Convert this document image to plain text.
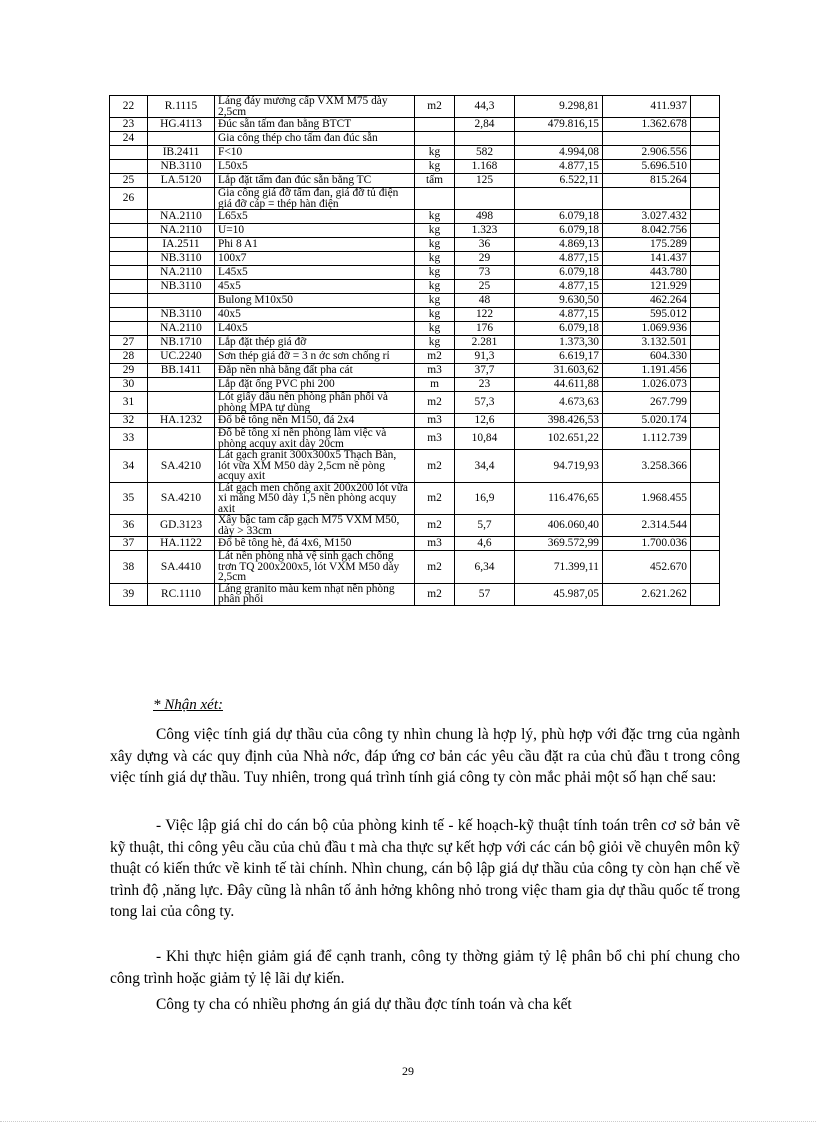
22	R.1115	Láng đáy mương cấp VXM M75 dày 2,5cm	m2	44,3	9.298,81	411.937	
23	HG.4113	Đúc sẵn tấm đan bằng BTCT		2,84	479.816,15	1.362.678	
24		Gia công thép cho tấm đan đúc sẵn					
	IB.2411	F<10	kg	582	4.994,08	2.906.556	
	NB.3110	L50x5	kg	1.168	4.877,15	5.696.510	
25	LA.5120	Lắp đặt tấm đan đúc sẵn bằng TC	tấm	125	6.522,11	815.264	
26		Gia công giá đỡ tấm đan, giá đỡ tủ điện giá đỡ cáp = thép hàn điện					
	NA.2110	L65x5	kg	498	6.079,18	3.027.432	
	NA.2110	U=10	kg	1.323	6.079,18	8.042.756	
	IA.2511	Phi 8 A1	kg	36	4.869,13	175.289	
	NB.3110	100x7	kg	29	4.877,15	141.437	
	NA.2110	L45x5	kg	73	6.079,18	443.780	
	NB.3110	45x5	kg	25	4.877,15	121.929	
		Bulong M10x50	kg	48	9.630,50	462.264	
	NB.3110	40x5	kg	122	4.877,15	595.012	
	NA.2110	L40x5	kg	176	6.079,18	1.069.936	
27	NB.1710	Lắp đặt thép giá đỡ	kg	2.281	1.373,30	3.132.501	
28	UC.2240	Sơn thép giá đỡ = 3 n ớc sơn chống rỉ	m2	91,3	6.619,17	604.330	
29	BB.1411	Đắp nền nhà bằng đất pha cát	m3	37,7	31.603,62	1.191.456	
30		Lắp đặt ống PVC phi 200	m	23	44.611,88	1.026.073	
31		Lót giấy dầu nền phòng phân phối và phòng MPA tự dùng	m2	57,3	4.673,63	267.799	
32	HA.1232	Đổ bê tông nền M150, đá 2x4	m3	12,6	398.426,53	5.020.174	
33		Đổ bê tông xỉ nền phòng làm việc và phòng acquy axit dày 20cm	m3	10,84	102.651,22	1.112.739	
34	SA.4210	Lát gạch granit 300x300x5 Thạch Bàn, lót vữa XM M50 dày 2,5cm nề pòng acquy axit	m2	34,4	94.719,93	3.258.366	
35	SA.4210	Lát gạch men chống axit 200x200 lót vữa xi măng M50 dày 1,5 nền phòng acquy axit	m2	16,9	116.476,65	1.968.455	
36	GD.3123	Xây bậc tam cấp gạch M75 VXM M50, dày > 33cm	m2	5,7	406.060,40	2.314.544	
37	HA.1122	Đổ bê tông hè, đá 4x6, M150	m3	4,6	369.572,99	1.700.036	
38	SA.4410	Lát nền phòng nhà vệ sinh gạch chống trơn TQ 200x200x5, lót VXM M50 dày 2,5cm	m2	6,34	71.399,11	452.670	
39	RC.1110	Láng granito màu kem nhạt nền phòng phân phối	m2	57	45.987,05	2.621.262	
* Nhận xét:

Công việc tính giá dự thầu của công ty nhìn chung là hợp lý, phù hợp với đặc trng của ngành xây dựng và các quy định của Nhà nớc, đáp ứng cơ bản các yêu cầu đặt ra của chủ đầu t trong công việc tính giá dự thầu. Tuy nhiên, trong quá trình tính giá công ty còn mắc phải một số hạn chế sau:

- Việc lập giá chỉ do cán bộ của phòng kinh tế - kế hoạch-kỹ thuật tính toán trên cơ sở bản vẽ kỹ thuật, thi công yêu cầu của chủ đầu t mà cha thực sự kết hợp với các cán bộ giỏi về chuyên môn kỹ thuật có kiến thức về kinh tế tài chính. Nhìn chung, cán bộ lập giá dự thầu của công ty còn hạn chế về trình độ ,năng lực. Đây cũng là nhân tố ảnh hởng không nhỏ trong việc tham gia dự thầu quốc tế trong tong lai của công ty.

- Khi thực hiện giảm giá để cạnh tranh, công ty thờng giảm tỷ lệ phân bổ chi phí chung cho công trình hoặc giảm tỷ lệ lãi dự kiến.

Công ty cha có nhiều phơng án giá dự thầu đợc tính toán và cha kết

29
